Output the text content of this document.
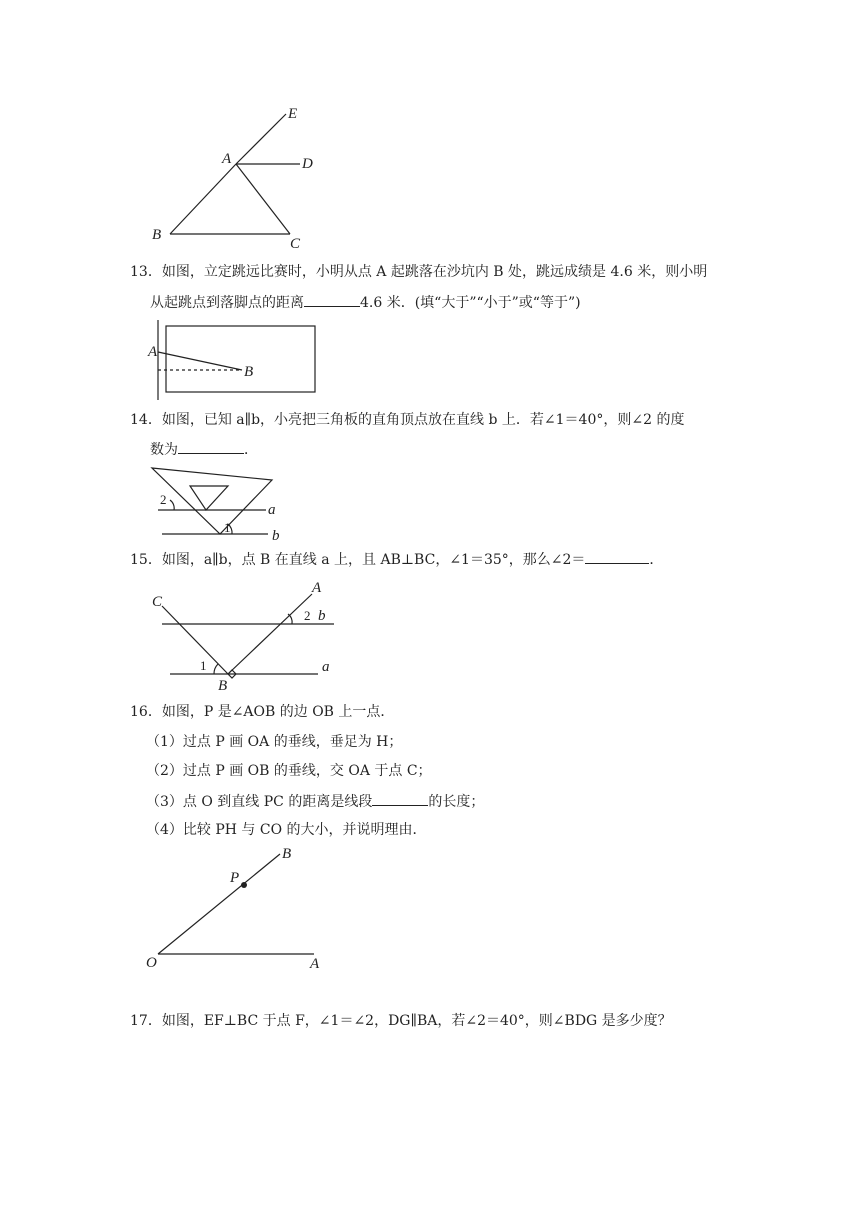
E
A	D
B
C
13．如图，立定跳远比赛时，小明从点 A 起跳落在沙坑内 B 处，跳远成绩是 4.6 米，则小明
从起跳点到落脚点的距离	4.6 米．(填“大于”“小于”或“等于”)
A
B
14．如图，已知 a∥b，小亮把三角板的直角顶点放在直线 b 上．若∠1＝40°，则∠2 的度
数为	．
a
b
1
2
15．如图，a∥b，点 B 在直线 a 上，且 AB⊥BC，∠1＝35°，那么∠2＝	．
C
A
B
a
b
1
2
16．如图，P 是∠AOB 的边 OB 上一点．
（1）过点 P 画 OA 的垂线，垂足为 H；
（2）过点 P 画 OB 的垂线，交 OA 于点 C；
（3）点 O 到直线 PC 的距离是线段	的长度；
（4）比较 PH 与 CO 的大小，并说明理由．
B
P
O	A
17．如图，EF⊥BC 于点 F，∠1＝∠2，DG∥BA，若∠2＝40°，则∠BDG 是多少度？
